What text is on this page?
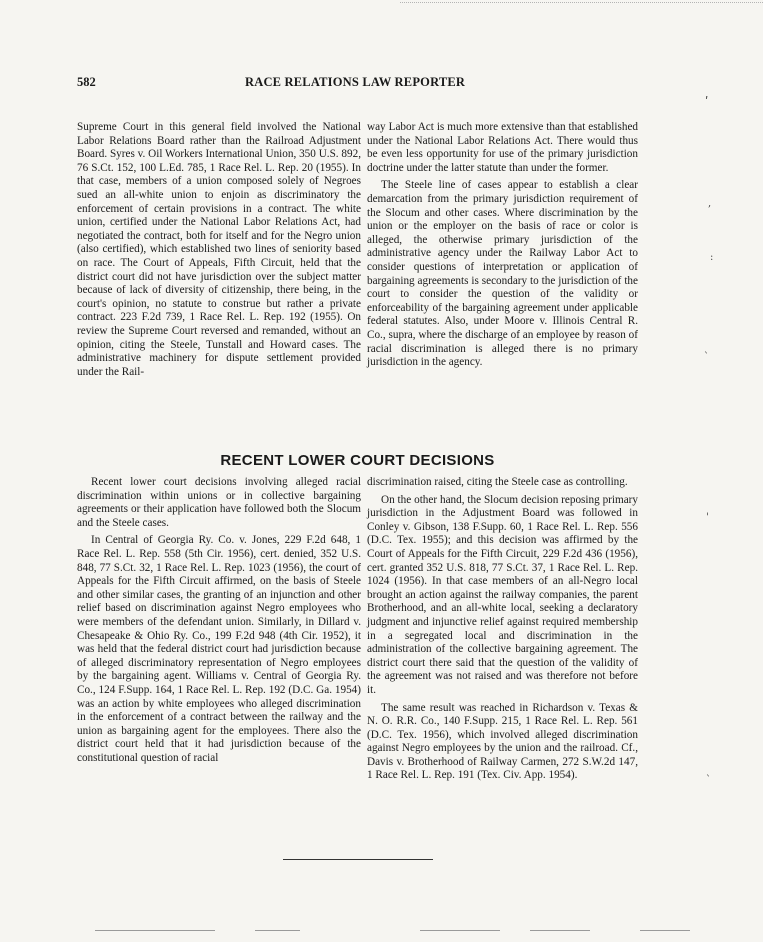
582	RACE RELATIONS LAW REPORTER

Supreme Court in this general field involved the National Labor Relations Board rather than the Railroad Adjustment Board. Syres v. Oil Workers International Union, 350 U.S. 892, 76 S.Ct. 152, 100 L.Ed. 785, 1 Race Rel. L. Rep. 20 (1955). In that case, members of a union composed solely of Negroes sued an all-white union to enjoin as discriminatory the enforcement of certain provisions in a contract. The white union, certified under the National Labor Relations Act, had negotiated the contract, both for itself and for the Negro union (also certified), which established two lines of seniority based on race. The Court of Appeals, Fifth Circuit, held that the district court did not have jurisdiction over the subject matter because of lack of diversity of citizenship, there being, in the court's opinion, no statute to construe but rather a private contract. 223 F.2d 739, 1 Race Rel. L. Rep. 192 (1955). On review the Supreme Court reversed and remanded, without an opinion, citing the Steele, Tunstall and Howard cases. The administrative machinery for dispute settlement provided under the Rail-

way Labor Act is much more extensive than that established under the National Labor Relations Act. There would thus be even less opportunity for use of the primary jurisdiction doctrine under the latter statute than under the former.

The Steele line of cases appear to establish a clear demarcation from the primary jurisdiction requirement of the Slocum and other cases. Where discrimination by the union or the employer on the basis of race or color is alleged, the otherwise primary jurisdiction of the administrative agency under the Railway Labor Act to consider questions of interpretation or application of bargaining agreements is secondary to the jurisdiction of the court to consider the question of the validity or enforceability of the bargaining agreement under applicable federal statutes. Also, under Moore v. Illinois Central R. Co., supra, where the discharge of an employee by reason of racial discrimination is alleged there is no primary jurisdiction in the agency.

RECENT LOWER COURT DECISIONS

Recent lower court decisions involving alleged racial discrimination within unions or in collective bargaining agreements or their application have followed both the Slocum and the Steele cases.

In Central of Georgia Ry. Co. v. Jones, 229 F.2d 648, 1 Race Rel. L. Rep. 558 (5th Cir. 1956), cert. denied, 352 U.S. 848, 77 S.Ct. 32, 1 Race Rel. L. Rep. 1023 (1956), the court of Appeals for the Fifth Circuit affirmed, on the basis of Steele and other similar cases, the granting of an injunction and other relief based on discrimination against Negro employees who were members of the defendant union. Similarly, in Dillard v. Chesapeake & Ohio Ry. Co., 199 F.2d 948 (4th Cir. 1952), it was held that the federal district court had jurisdiction because of alleged discriminatory representation of Negro employees by the bargaining agent. Williams v. Central of Georgia Ry. Co., 124 F.Supp. 164, 1 Race Rel. L. Rep. 192 (D.C. Ga. 1954) was an action by white employees who alleged discrimination in the enforcement of a contract between the railway and the union as bargaining agent for the employees. There also the district court held that it had jurisdiction because of the constitutional question of racial

discrimination raised, citing the Steele case as controlling.

On the other hand, the Slocum decision reposing primary jurisdiction in the Adjustment Board was followed in Conley v. Gibson, 138 F.Supp. 60, 1 Race Rel. L. Rep. 556 (D.C. Tex. 1955); and this decision was affirmed by the Court of Appeals for the Fifth Circuit, 229 F.2d 436 (1956), cert. granted 352 U.S. 818, 77 S.Ct. 37, 1 Race Rel. L. Rep. 1024 (1956). In that case members of an all-Negro local brought an action against the railway companies, the parent Brotherhood, and an all-white local, seeking a declaratory judgment and injunctive relief against required membership in a segregated local and discrimination in the administration of the collective bargaining agreement. The district court there said that the question of the validity of the agreement was not raised and was therefore not before it.

The same result was reached in Richardson v. Texas & N. O. R.R. Co., 140 F.Supp. 215, 1 Race Rel. L. Rep. 561 (D.C. Tex. 1956), which involved alleged discrimination against Negro employees by the union and the railroad. Cf., Davis v. Brotherhood of Railway Carmen, 272 S.W.2d 147, 1 Race Rel. L. Rep. 191 (Tex. Civ. App. 1954).

ʹ
,
:
`
'
`
